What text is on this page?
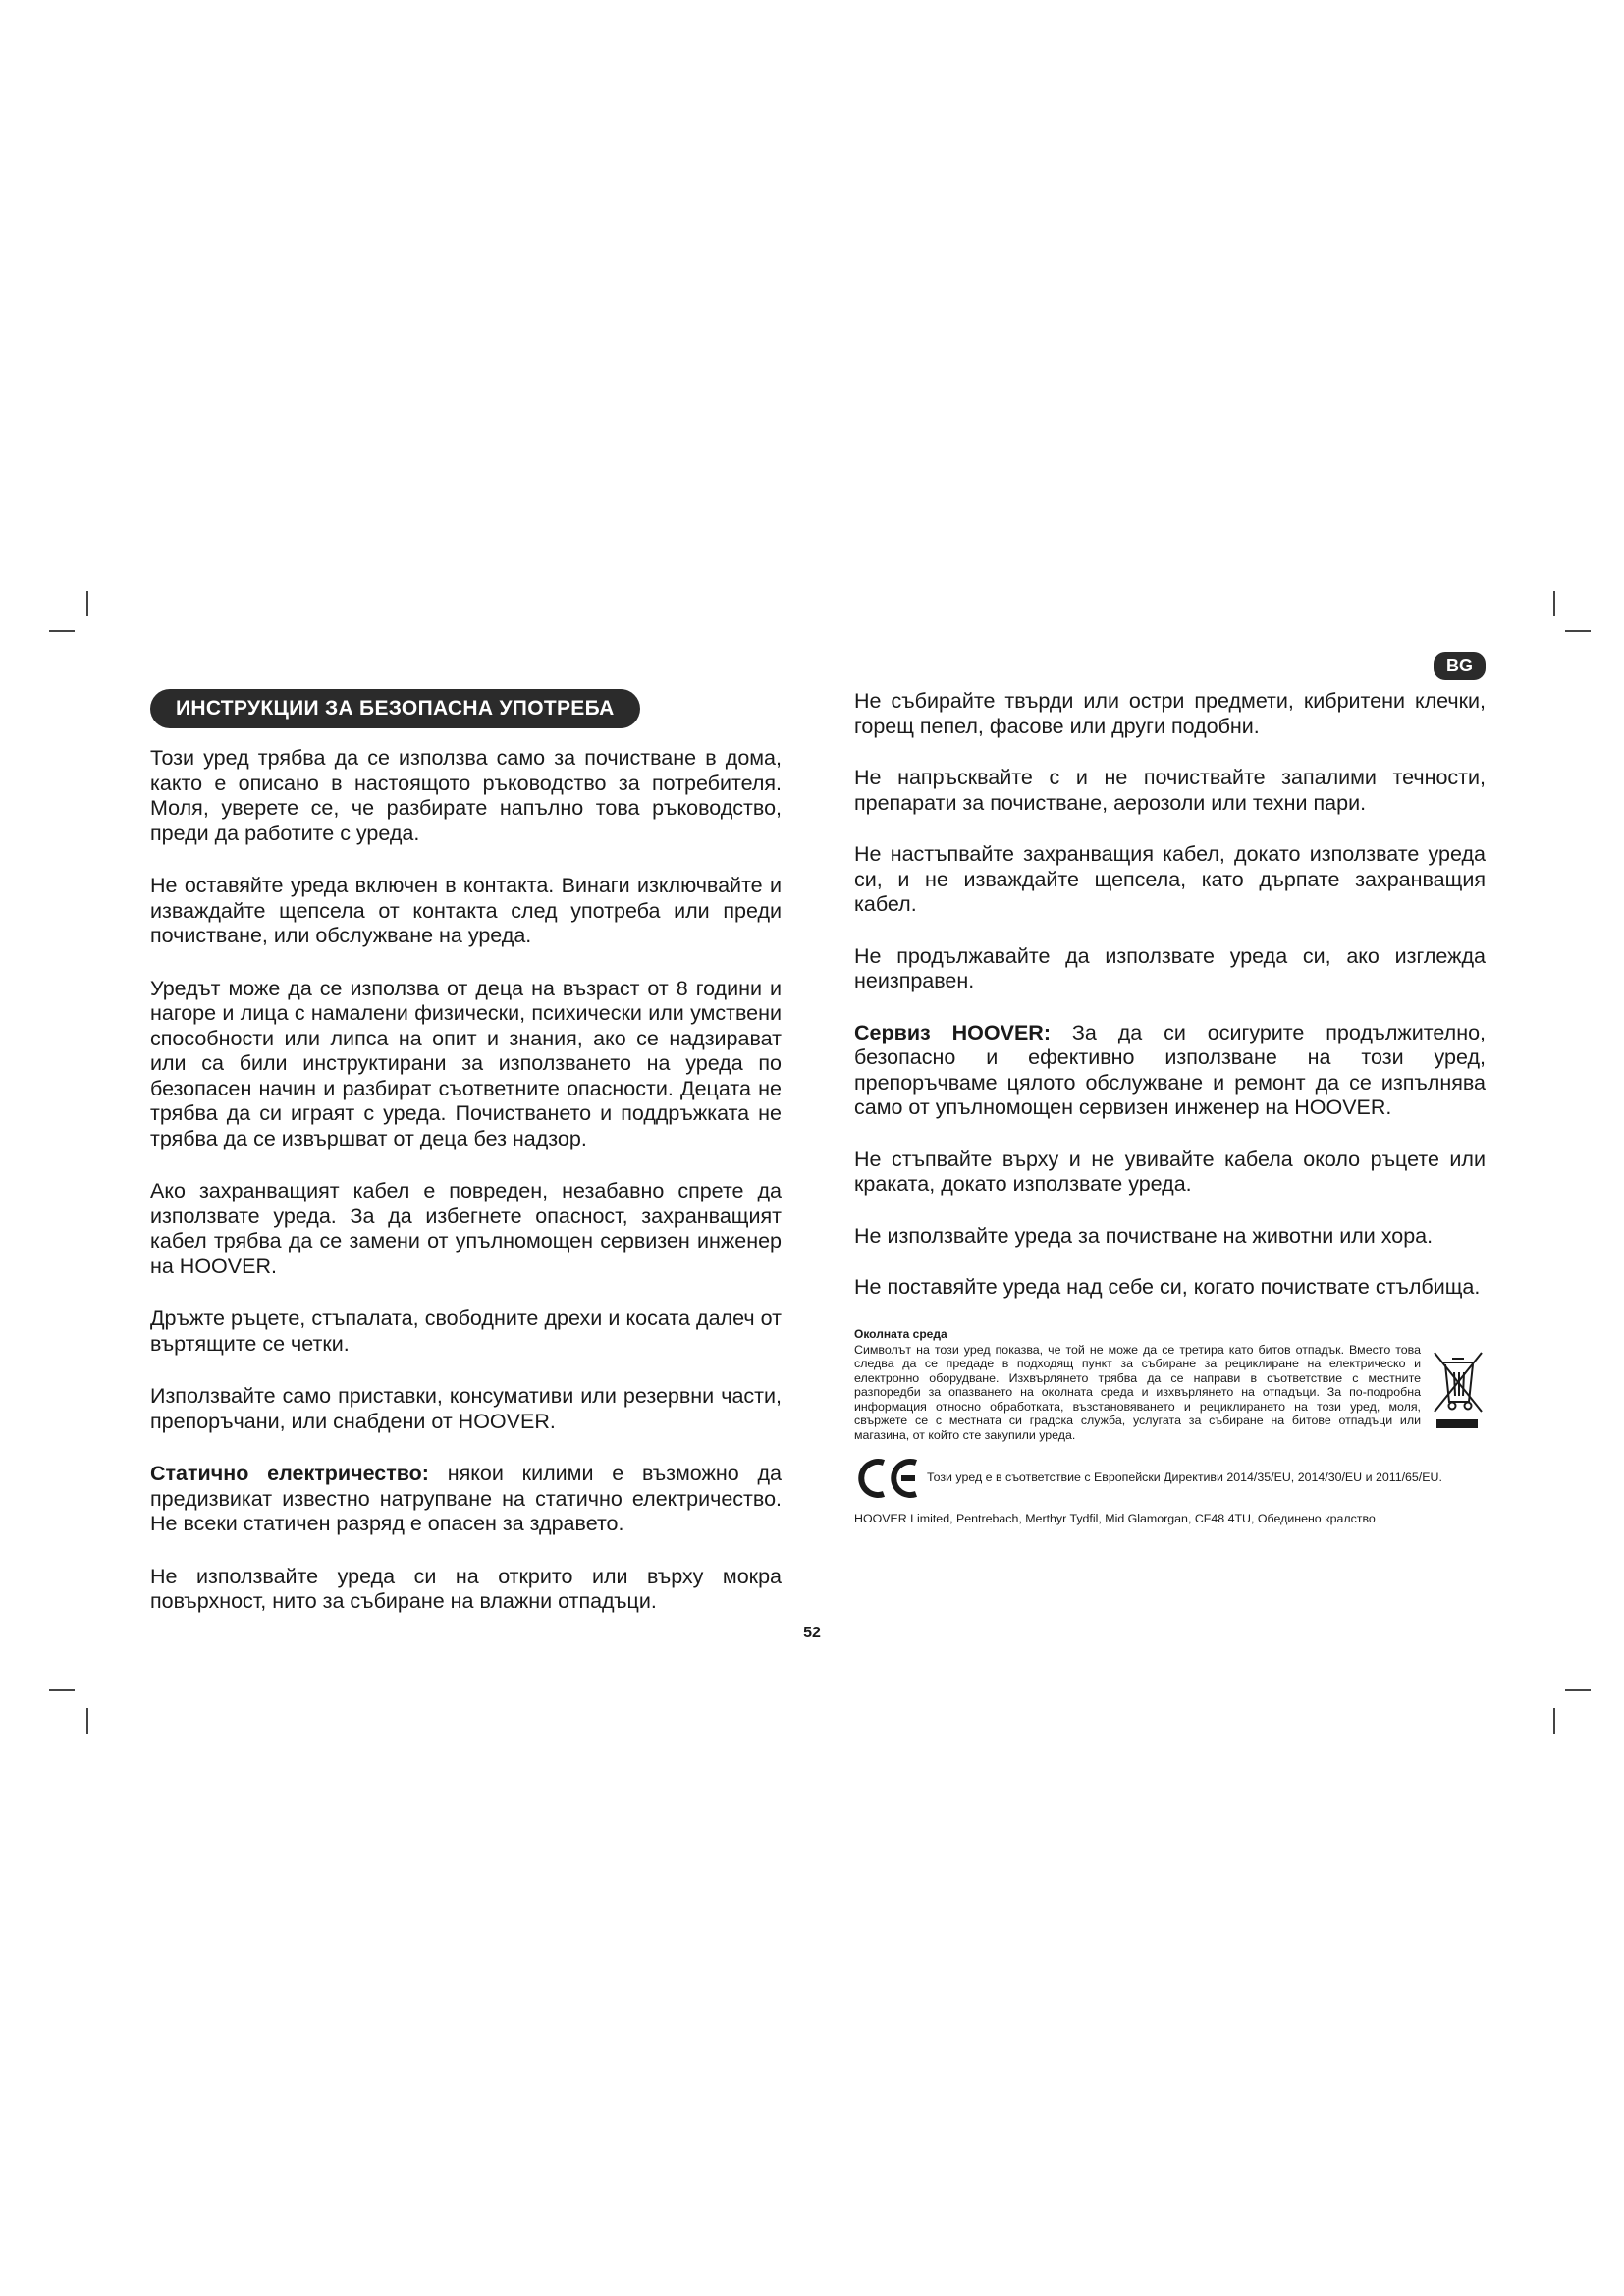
BG
ИНСТРУКЦИИ ЗА БЕЗОПАСНА УПОТРЕБА

Този уред трябва да се използва само за почистване в дома, както е описано в настоящото ръководство за потребителя. Моля, уверете се, че разбирате напълно това ръководство, преди да работите с уреда.

Не оставяйте уреда включен в контакта. Винаги изключвайте и изваждайте щепсела от контакта след употреба или преди почистване, или обслужване на уреда.

Уредът може да се използва от деца на възраст от 8 години и нагоре и лица с намалени физически, психически или умствени способности или липса на опит и знания, ако се надзирават или са били инструктирани за използването на уреда по безопасен начин и разбират съответните опасности. Децата не трябва да си играят с уреда. Почистването и поддръжката не трябва да се извършват от деца без надзор.

Ако захранващият кабел е повреден, незабавно спрете да използвате уреда. За да избегнете опасност, захранващият кабел трябва да се замени от упълномощен сервизен инженер на HOOVER.

Дръжте ръцете, стъпалата, свободните дрехи и косата далеч от въртящите се четки.

Използвайте само приставки, консумативи или резервни части, препоръчани, или снабдени от HOOVER.

Статично електричество: някои килими е възможно да предизвикат известно натрупване на статично електричество. Не всеки статичен разряд е опасен за здравето.

Не използвайте уреда си на открито или върху мокра повърхност, нито за събиране на влажни отпадъци.

Не събирайте твърди или остри предмети, кибритени клечки, горещ пепел, фасове или други подобни.

Не напръсквайте с и не почиствайте запалими течности, препарати за почистване, аерозоли или техни пари.

Не настъпвайте захранващия кабел, докато използвате уреда си, и не изваждайте щепсела, като дърпате захранващия кабел.

Не продължавайте да използвате уреда си, ако изглежда неизправен.

Сервиз HOOVER: За да си осигурите продължително, безопасно и ефективно използване на този уред, препоръчваме цялото обслужване и ремонт да се изпълнява само от упълномощен сервизен инженер на HOOVER.

Не стъпвайте върху и не увивайте кабела около ръцете или краката, докато използвате уреда.

Не използвайте уреда за почистване на животни или хора.

Не поставяйте уреда над себе си, когато почиствате стълбища.

Околната среда

Символът на този уред показва, че той не може да се третира като битов отпадък. Вместо това следва да се предаде в подходящ пункт за събиране за рециклиране на електрическо и електронно оборудване. Изхвърлянето трябва да се направи в съответствие с местните разпоредби за опазването на околната среда и изхвърлянето на отпадъци. За по-подробна информация относно обработката, възстановяването и рециклирането на този уред, моля, свържете се с местната си градска служба, услугата за събиране на битове отпадъци или магазина, от който сте закупили уреда.

Този уред е в съответствие с Европейски Директиви 2014/35/EU, 2014/30/EU и 2011/65/EU.
HOOVER Limited, Pentrebach, Merthyr Tydfil, Mid Glamorgan, CF48 4TU, Обединено кралство
52
